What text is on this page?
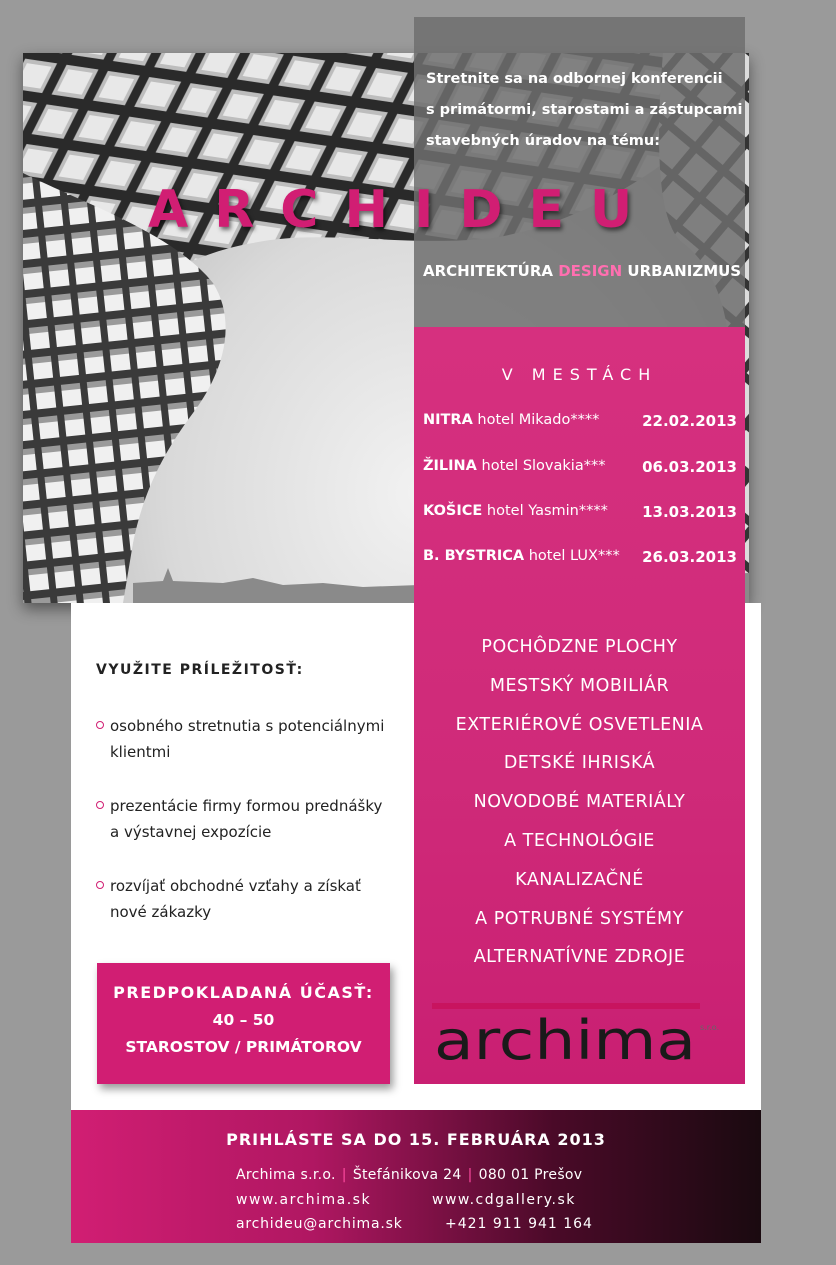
Stretnite sa na odbornej konferencii
s primátormi, starostami a zástupcami
stavebných úradov na tému:
ARCHIDEU
ARCHITEKTÚRA DESIGN URBANIZMUS
V MESTÁCH
NITRA hotel Mikado****	22.02.2013
ŽILINA hotel Slovakia*** 06.03.2013
KOŠICE hotel Yasmin**** 13.03.2013
B. BYSTRICA hotel LUX*** 26.03.2013
POCHÔDZNE PLOCHY
MESTSKÝ MOBILIÁR
EXTERIÉROVÉ OSVETLENIA
DETSKÉ IHRISKÁ
NOVODOBÉ MATERIÁLY
A TECHNOLÓGIE
KANALIZAČNÉ
A POTRUBNÉ SYSTÉMY
ALTERNATÍVNE ZDROJE
VYUŽITE PRÍLEŽITOSŤ:
osobného stretnutia s potenciálnymi
klientmi
prezentácie firmy formou prednášky
a výstavnej expozície
rozvíjať obchodné vzťahy a získať
nové zákazky
PREDPOKLADANÁ ÚČASŤ:
40 – 50
STAROSTOV / PRIMÁTOROV	archima s.r.o.
PRIHLÁSTE SA DO 15. FEBRUÁRA 2013
Archima s.r.o. | Štefánikova 24 | 080 01 Prešov
www.archima.sk	www.cdgallery.sk
archideu@archima.sk	+421 911 941 164
